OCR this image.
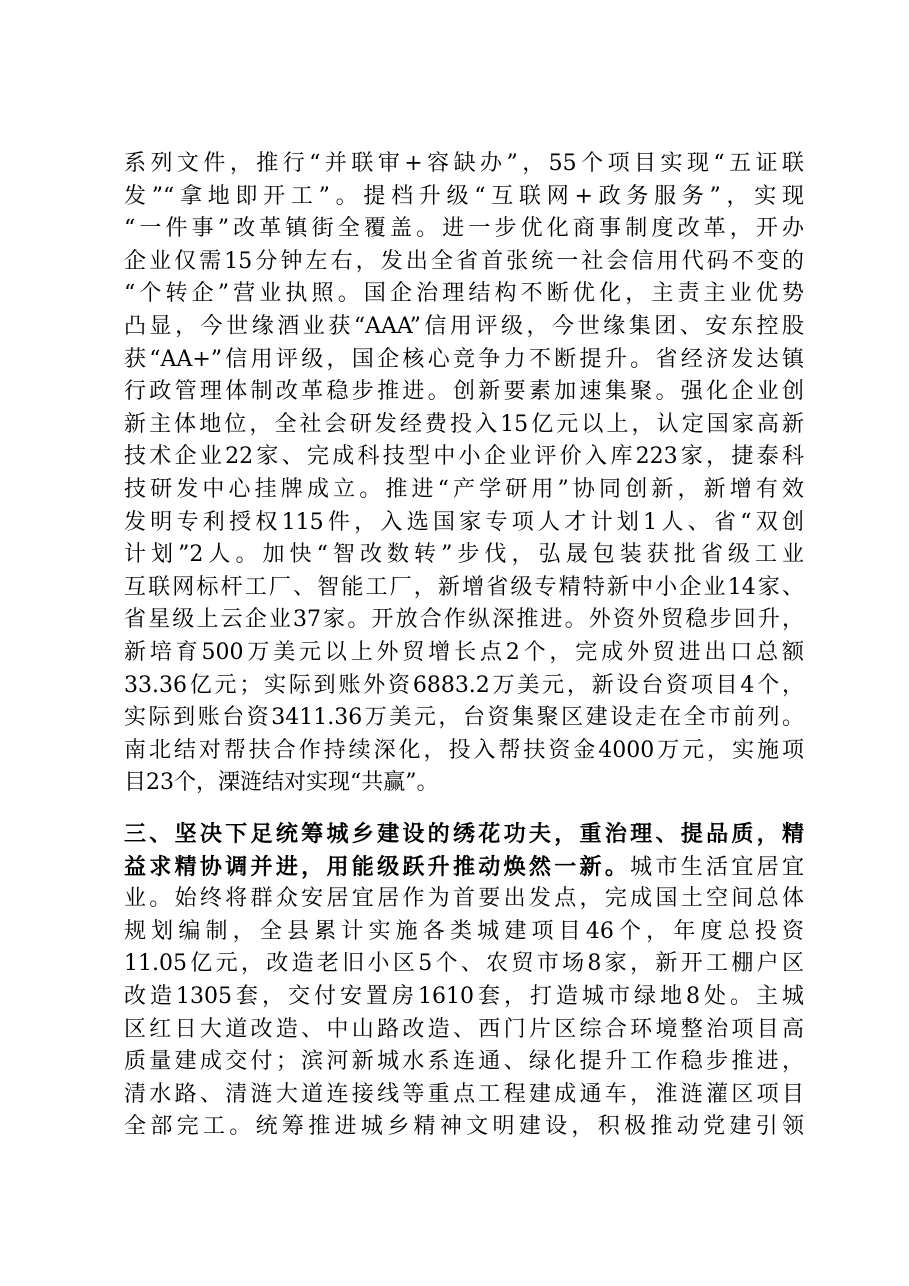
系列文件，推行“并联审+容缺办”，55个项目实现“五证联
发”“拿地即开工”。提档升级“互联网+政务服务”，实现
“一件事”改革镇街全覆盖。进一步优化商事制度改革，开办
企业仅需15分钟左右，发出全省首张统一社会信用代码不变的
“个转企”营业执照。国企治理结构不断优化，主责主业优势
凸显，今世缘酒业获“AAA”信用评级，今世缘集团、安东控股
获“AA+”信用评级，国企核心竞争力不断提升。省经济发达镇
行政管理体制改革稳步推进。创新要素加速集聚。强化企业创
新主体地位，全社会研发经费投入15亿元以上，认定国家高新
技术企业22家、完成科技型中小企业评价入库223家，捷泰科
技研发中心挂牌成立。推进“产学研用”协同创新，新增有效
发明专利授权115件，入选国家专项人才计划1人、省“双创
计划”2人。加快“智改数转”步伐，弘晟包装获批省级工业
互联网标杆工厂、智能工厂，新增省级专精特新中小企业14家、
省星级上云企业37家。开放合作纵深推进。外资外贸稳步回升，
新培育500万美元以上外贸增长点2个，完成外贸进出口总额
33.36亿元；实际到账外资6883.2万美元，新设台资项目4个，
实际到账台资3411.36万美元，台资集聚区建设走在全市前列。
南北结对帮扶合作持续深化，投入帮扶资金4000万元，实施项
目23个，溧涟结对实现“共赢”。
三、坚决下足统筹城乡建设的绣花功夫，重治理、提品质，精
益求精协调并进，用能级跃升推动焕然一新。城市生活宜居宜
业。始终将群众安居宜居作为首要出发点，完成国土空间总体
规划编制，全县累计实施各类城建项目46个，年度总投资
11.05亿元，改造老旧小区5个、农贸市场8家，新开工棚户区
改造1305套，交付安置房1610套，打造城市绿地8处。主城
区红日大道改造、中山路改造、西门片区综合环境整治项目高
质量建成交付；滨河新城水系连通、绿化提升工作稳步推进，
清水路、清涟大道连接线等重点工程建成通车，淮涟灌区项目
全部完工。统筹推进城乡精神文明建设，积极推动党建引领
